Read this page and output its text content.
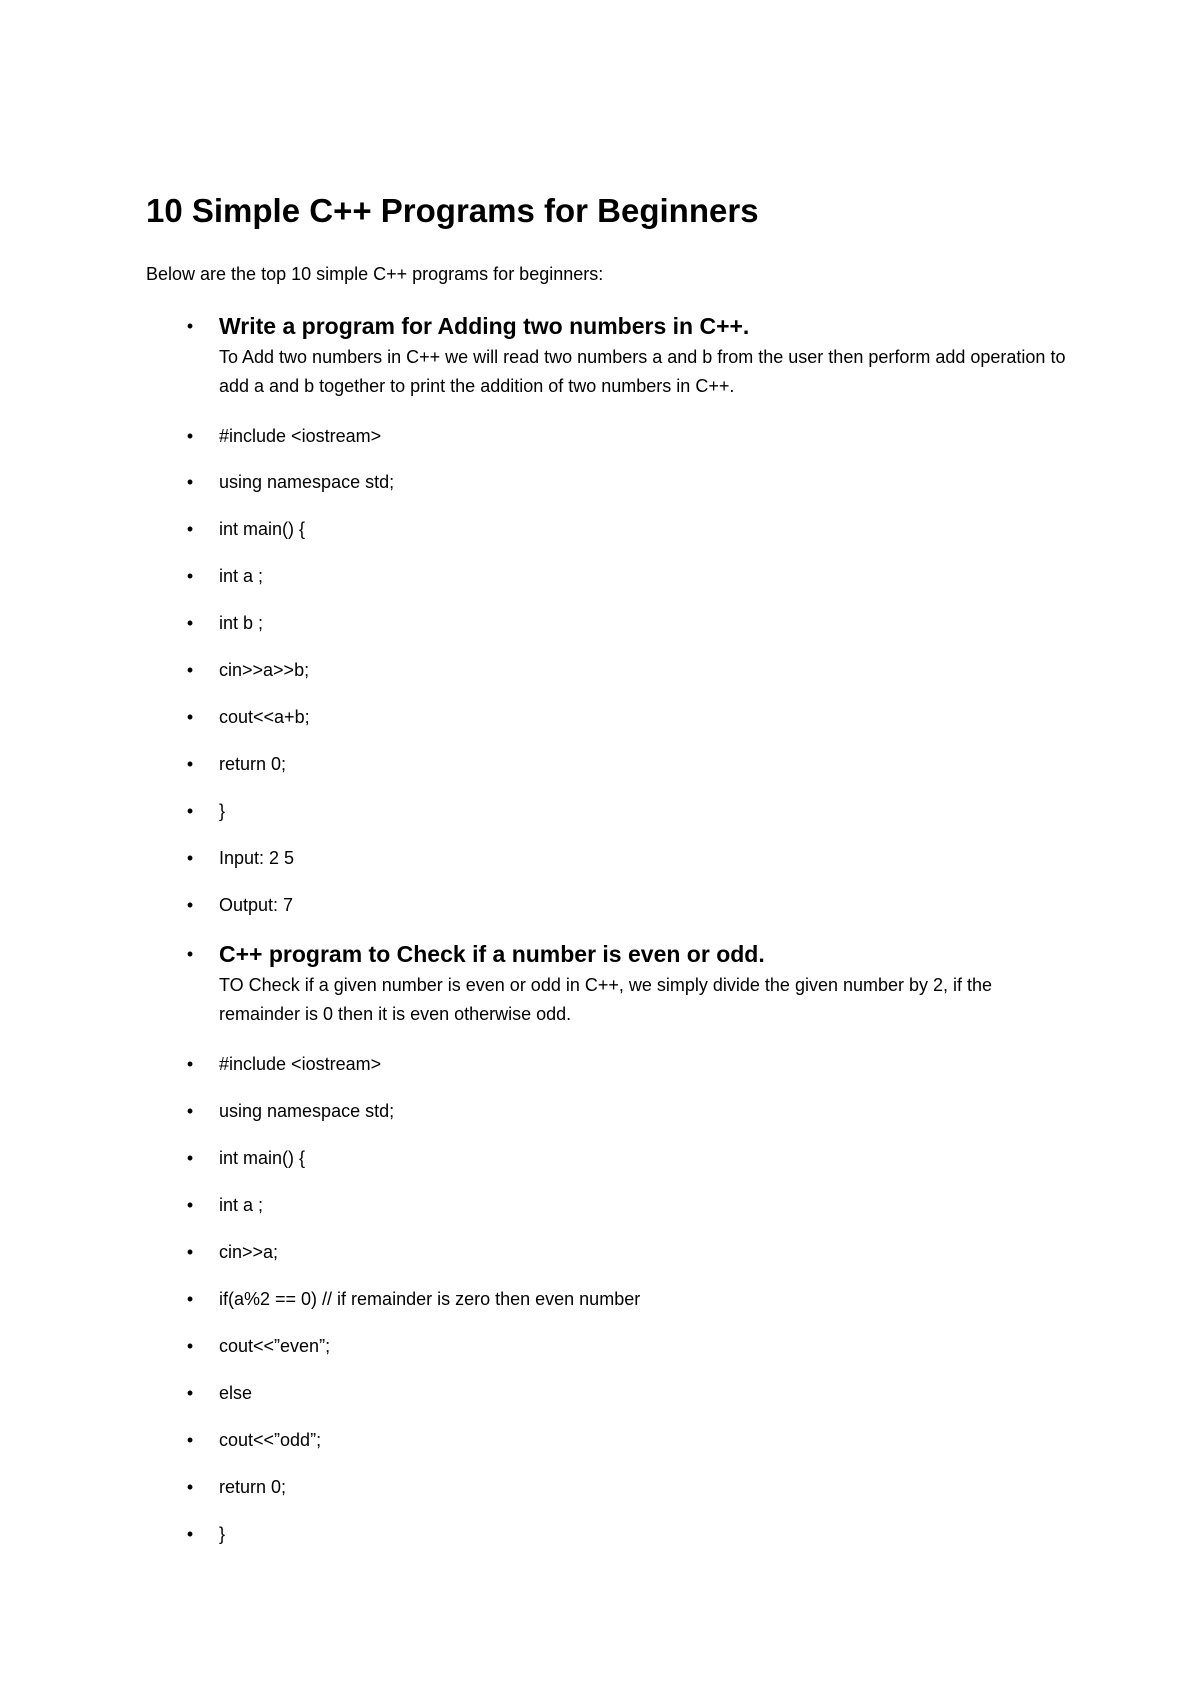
10 Simple C++ Programs for Beginners

Below are the top 10 simple C++ programs for beginners:

• Write a program for Adding two numbers in C++.
To Add two numbers in C++ we will read two numbers a and b from the user then perform add operation to add a and b together to print the addition of two numbers in C++.
•	#include <iostream>
•	using namespace std;
•	int main() {
•	int a ;
•	int b ;
•	cin>>a>>b;
•	cout<<a+b;
•	return 0;
•	}
•	Input: 2 5
•	Output: 7
• C++ program to Check if a number is even or odd.
TO Check if a given number is even or odd in C++, we simply divide the given number by 2, if the remainder is 0 then it is even otherwise odd.
•	#include <iostream>
•	using namespace std;
•	int main() {
•	int a ;
•	cin>>a;
•	if(a%2 == 0) // if remainder is zero then even number
•	cout<<”even”;
•	else
•	cout<<”odd”;
•	return 0;
•	}
